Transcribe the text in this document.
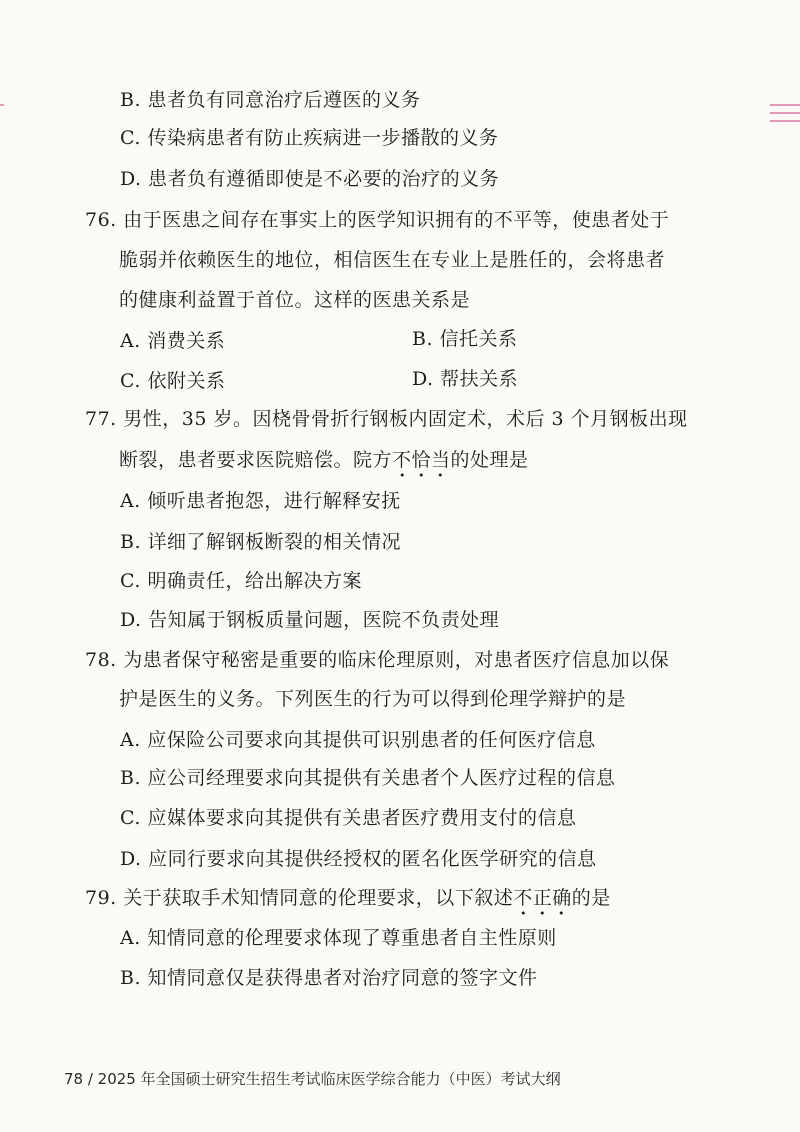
B. 患者负有同意治疗后遵医的义务
C. 传染病患者有防止疾病进一步播散的义务
D. 患者负有遵循即使是不必要的治疗的义务
76. 由于医患之间存在事实上的医学知识拥有的不平等，使患者处于
脆弱并依赖医生的地位，相信医生在专业上是胜任的，会将患者
的健康利益置于首位。这样的医患关系是
A. 消费关系	B. 信托关系
C. 依附关系	D. 帮扶关系
77. 男性，35 岁。因桡骨骨折行钢板内固定术，术后 3 个月钢板出现
断裂，患者要求医院赔偿。院方不恰当的处理是
A. 倾听患者抱怨，进行解释安抚
B. 详细了解钢板断裂的相关情况
C. 明确责任，给出解决方案
D. 告知属于钢板质量问题，医院不负责处理
78. 为患者保守秘密是重要的临床伦理原则，对患者医疗信息加以保
护是医生的义务。下列医生的行为可以得到伦理学辩护的是
A. 应保险公司要求向其提供可识别患者的任何医疗信息
B. 应公司经理要求向其提供有关患者个人医疗过程的信息
C. 应媒体要求向其提供有关患者医疗费用支付的信息
D. 应同行要求向其提供经授权的匿名化医学研究的信息
79. 关于获取手术知情同意的伦理要求，以下叙述不正确的是
A. 知情同意的伦理要求体现了尊重患者自主性原则
B. 知情同意仅是获得患者对治疗同意的签字文件
78 / 2025 年全国硕士研究生招生考试临床医学综合能力（中医）考试大纲
